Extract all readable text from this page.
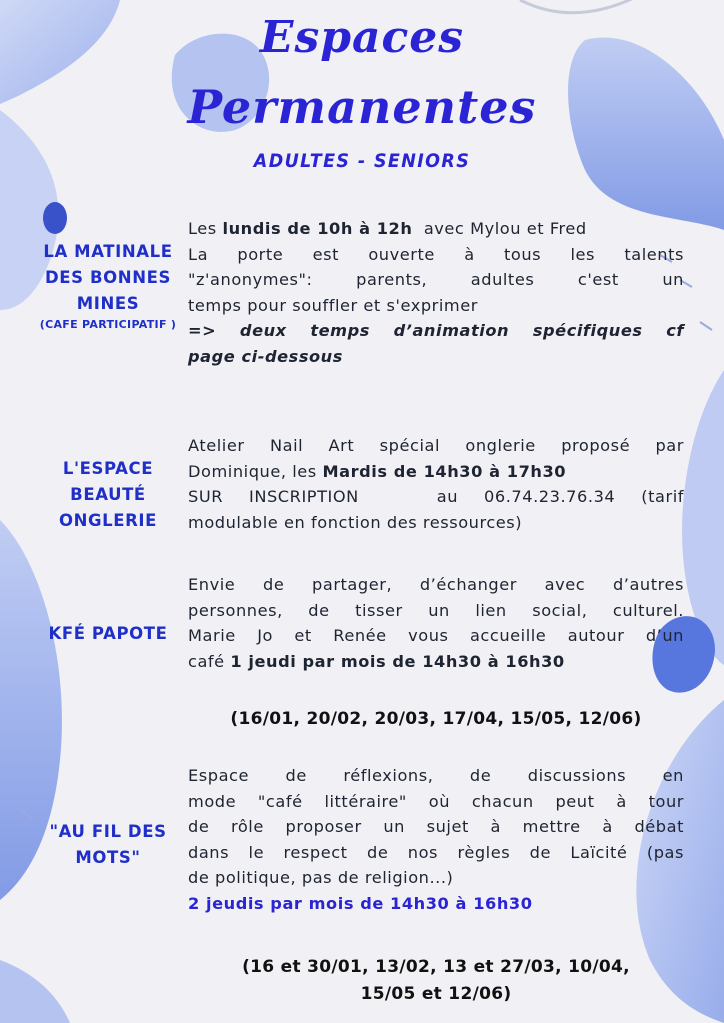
Espaces
Permanentes
ADULTES - SENIORS
LA MATINALE
DES BONNES
MINES
(CAFE PARTICIPATIF )
Les lundis de 10h à 12h  avec Mylou et Fred
La porte est ouverte à tous les talents
"z'anonymes": parents, adultes c'est un
temps pour souffler et s'exprimer
=> deux temps d’animation spécifiques cf
page ci-dessous
L'ESPACE
BEAUTÉ
ONGLERIE
Atelier Nail Art spécial onglerie proposé par
Dominique, les Mardis de 14h30 à 17h30
SUR INSCRIPTION   au 06.74.23.76.34 (tarif
modulable en fonction des ressources)
KFÉ PAPOTE
Envie de partager, d’échanger avec d’autres
personnes, de tisser un lien social, culturel.
Marie Jo et Renée vous accueille autour d’un
café 1 jeudi par mois de 14h30 à 16h30
(16/01, 20/02, 20/03, 17/04, 15/05, 12/06)
"AU FIL DES
MOTS"
Espace de réflexions, de discussions en
mode "café littéraire" où chacun peut à tour
de rôle proposer un sujet à mettre à débat
dans le respect de nos règles de Laïcité (pas
de politique, pas de religion...)
2 jeudis par mois de 14h30 à 16h30
(16 et 30/01, 13/02, 13 et 27/03, 10/04,
15/05 et 12/06)
